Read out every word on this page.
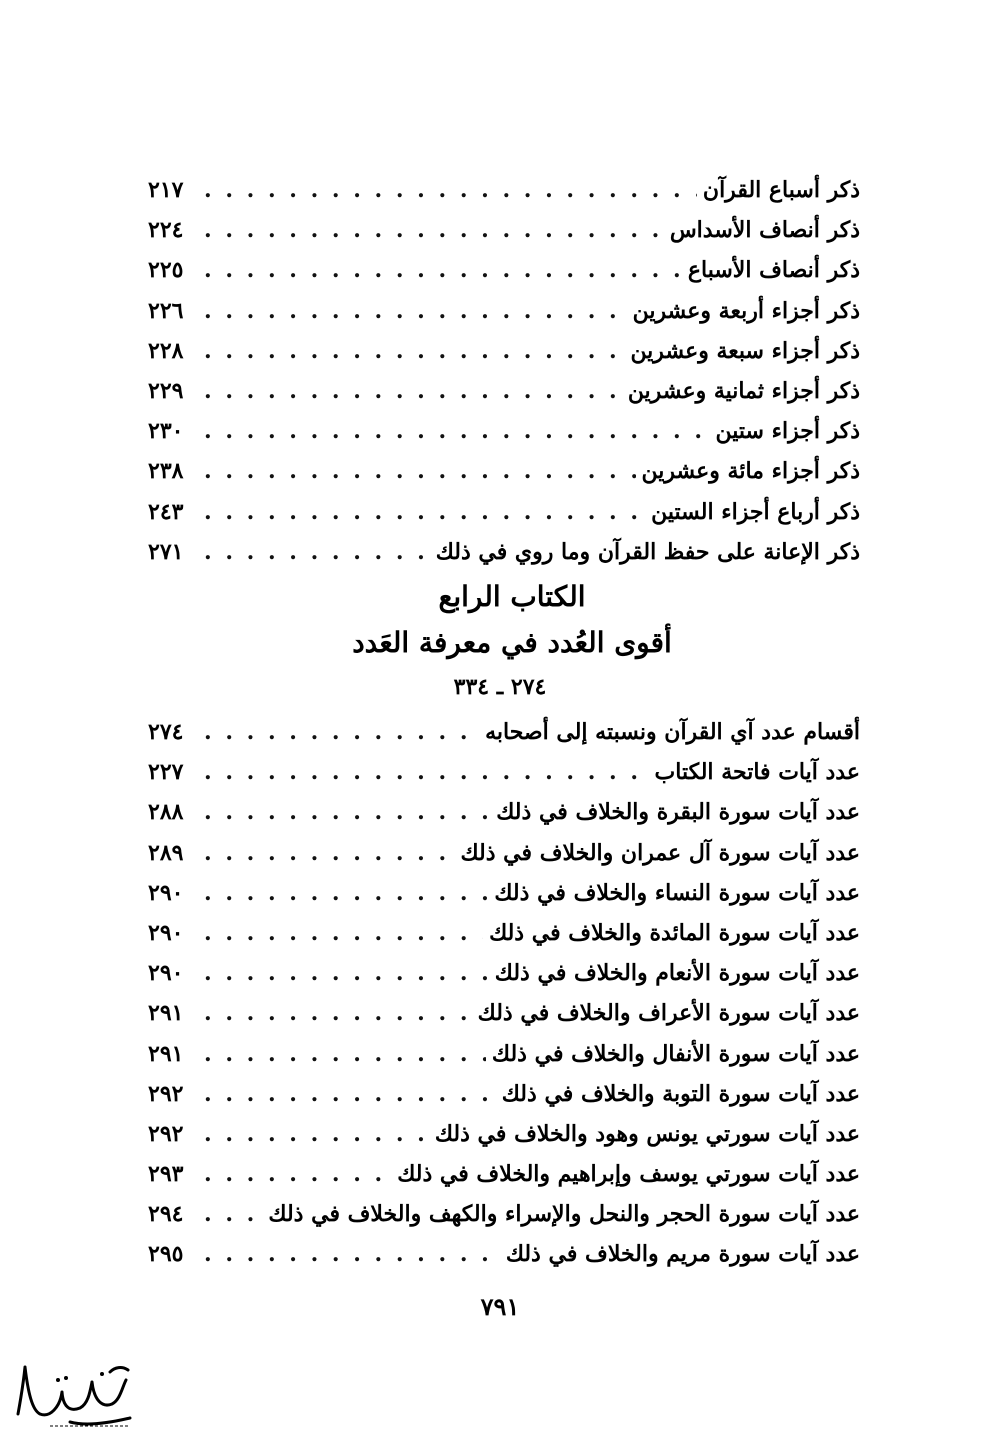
ذكر أسباع القرآن
. . .
٢١٧
ذكر أنصاف الأسداس
. . .
٢٢٤
ذكر أنصاف الأسباع
. . .
٢٢٥
ذكر أجزاء أربعة وعشرين
. . .
٢٢٦
ذكر أجزاء سبعة وعشرين
. . .
٢٢٨
ذكر أجزاء ثمانية وعشرين
. . .
٢٢٩
ذكر أجزاء ستين
. . .
٢٣٠
ذكر أجزاء مائة وعشرين
. . .
٢٣٨
ذكر أرباع أجزاء الستين
. . .
٢٤٣
ذكر الإعانة على حفظ القرآن وما روي في ذلك
. . .
٢٧١
الكتاب الرابع
أقوى العُدد في معرفة العَدد
٢٧٤ ـ ٣٣٤
أقسام عدد آي القرآن ونسبته إلى أصحابه
. . .
٢٧٤
عدد آيات فاتحة الكتاب
. . .
٢٢٧
عدد آيات سورة البقرة والخلاف في ذلك
. . .
٢٨٨
عدد آيات سورة آل عمران والخلاف في ذلك
. . .
٢٨٩
عدد آيات سورة النساء والخلاف في ذلك
. . .
٢٩٠
عدد آيات سورة المائدة والخلاف في ذلك
. . .
٢٩٠
عدد آيات سورة الأنعام والخلاف في ذلك
. . .
٢٩٠
عدد آيات سورة الأعراف والخلاف في ذلك
. . .
٢٩١
عدد آيات سورة الأنفال والخلاف في ذلك
. . .
٢٩١
عدد آيات سورة التوبة والخلاف في ذلك
. . .
٢٩٢
عدد آيات سورتي يونس وهود والخلاف في ذلك
. . .
٢٩٢
عدد آيات سورتي يوسف وإبراهيم والخلاف في ذلك
. . .
٢٩٣
عدد آيات سورة الحجر والنحل والإسراء والكهف والخلاف في ذلك
. . .
٢٩٤
عدد آيات سورة مريم والخلاف في ذلك
. . .
٢٩٥
٧٩١
